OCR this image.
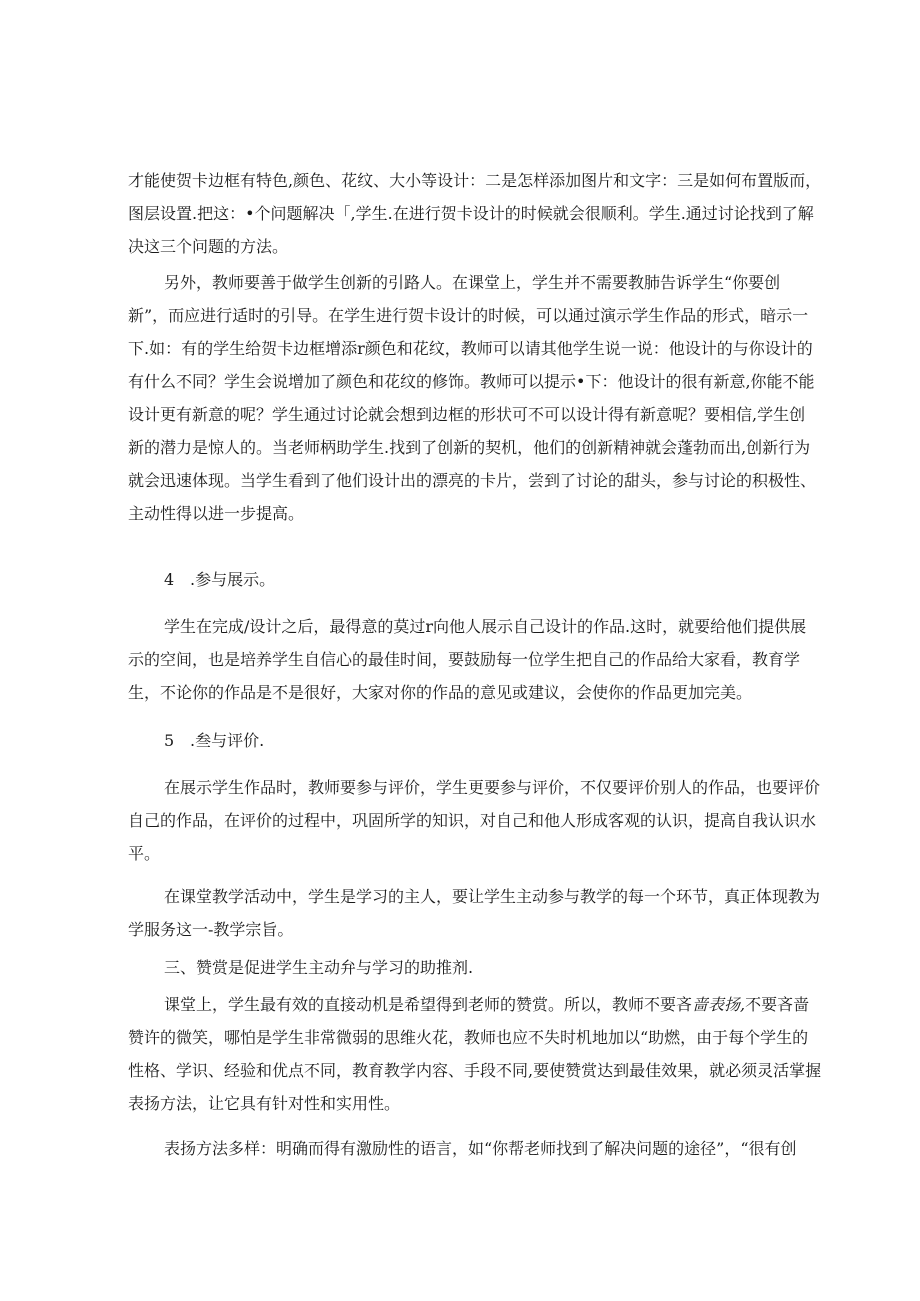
才能使贺卡边框有特色,颜色、花纹、大小等设计：二是怎样添加图片和文字：三是如何布置版而，
图层设置.把这：•个问题解决「,学生.在进行贺卡设计的时候就会很顺利。学生.通过讨论找到了解
决这三个问题的方法。

另外，教师要善于做学生创新的引路人。在课堂上，学生并不需要教肺告诉学生“你要创
新”，而应进行适时的引导。在学生进行贺卡设计的时候，可以通过演示学生作品的形式，暗示一
下.如：有的学生给贺卡边框增添r颜色和花纹，教师可以请其他学生说一说：他设计的与你设计的
有什么不同？学生会说增加了颜色和花纹的修饰。教师可以提示•下：他设计的很有新意,你能不能
设计更有新意的呢？学生通过讨论就会想到边框的形状可不可以设计得有新意呢？要相信,学生创
新的潜力是惊人的。当老师柄助学生.找到了创新的契机，他们的创新精神就会蓬勃而出,创新行为
就会迅速体现。当学生看到了他们设计出的漂亮的卡片，尝到了讨论的甜头，参与讨论的积极性、
主动性得以进一步提高。

4 .参与展示。

学生在完成/设计之后，最得意的莫过r向他人展示自己设计的作品.这时，就要给他们提供展
示的空间，也是培养学生自信心的最佳时间，要鼓励每一位学生把自己的作品给大家看，教育学
生，不论你的作品是不是很好，大家对你的作品的意见或建议，会使你的作品更加完美。

5 .叁与评价.

在展示学生作品时，教师要参与评价，学生更要参与评价，不仅要评价别人的作品，也要评价
自己的作品，在评价的过程中，巩固所学的知识，对自己和他人形成客观的认识，提高自我认识水
平。

在课堂教学活动中，学生是学习的主人，要让学生主动参与教学的每一个环节，真正体现教为
学服务这一-教学宗旨。

三、赞赏是促进学生主动弁与学习的助推剂.

课堂上，学生最有效的直接动机是希望得到老师的赞赏。所以，教师不要吝啬表扬,不要吝啬
赞许的微笑，哪怕是学生非常微弱的思维火花，教师也应不失时机地加以“助燃，由于每个学生的
性格、学识、经验和优点不同，教育教学内容、手段不同,要使赞赏达到最佳效果，就必须灵活掌握
表扬方法，让它具有针对性和实用性。

表扬方法多样：明确而得有激励性的语言，如“你帮老师找到了解决问题的途径”，“很有创
